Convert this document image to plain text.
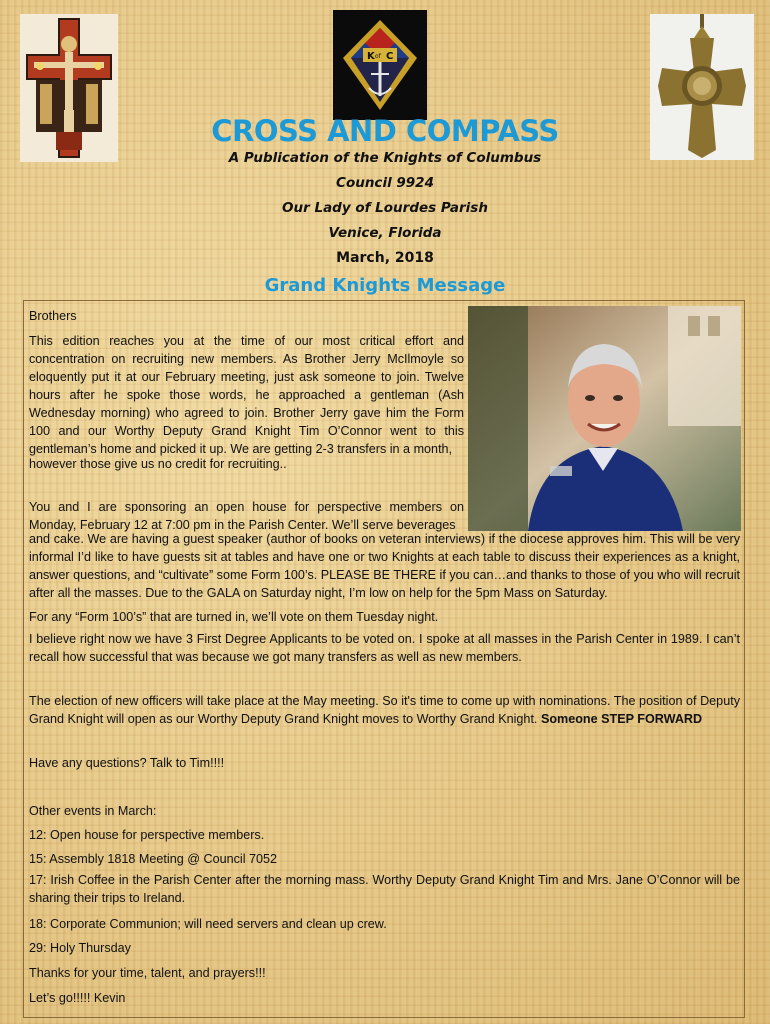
K of C
CROSS AND COMPASS
A Publication of the Knights of Columbus
Council 9924
Our Lady of Lourdes Parish
Venice, Florida
March, 2018
Grand Knights Message
Brothers
This edition reaches you at the time of our most critical effort and concentration on recruiting new members. As Brother Jerry McIlmoyle so eloquently put it at our February meeting, just ask someone to join. Twelve hours after he spoke those words, he approached a gentleman (Ash Wednesday morning) who agreed to join. Brother Jerry gave him the Form 100 and our Worthy Deputy Grand Knight Tim O’Connor went to this gentleman’s home and picked it up. We are getting 2-3 transfers in a month,
however those give us no credit for recruiting..
You and I are sponsoring an open house for perspective members on Monday, February 12 at 7:00 pm in the Parish Center. We’ll serve beverages
and cake. We are having a guest speaker (author of books on veteran interviews) if the diocese approves him. This will be very informal I’d like to have guests sit at tables and have one or two Knights at each table to discuss their experiences as a knight, answer questions, and “cultivate” some Form 100’s. PLEASE BE THERE if you can…and thanks to those of you who will recruit after all the masses. Due to the GALA on Saturday night, I’m low on help for the 5pm Mass on Saturday.
For any “Form 100’s” that are turned in, we’ll vote on them Tuesday night.
I believe right now we have 3 First Degree Applicants to be voted on. I spoke at all masses in the Parish Center in 1989. I can’t recall how successful that was because we got many transfers as well as new members.
The election of new officers will take place at the May meeting. So it's time to come up with nominations. The position of Deputy Grand Knight will open as our Worthy Deputy Grand Knight moves to Worthy Grand Knight. Someone STEP FORWARD
Have any questions? Talk to Tim!!!!
Other events in March:
12: Open house for perspective members.
15: Assembly 1818 Meeting @ Council 7052
17: Irish Coffee in the Parish Center after the morning mass. Worthy Deputy Grand Knight Tim and Mrs. Jane O’Connor will be sharing their trips to Ireland.
18: Corporate Communion; will need servers and clean up crew.
29: Holy Thursday
Thanks for your time, talent, and prayers!!!
Let’s go!!!!! Kevin
